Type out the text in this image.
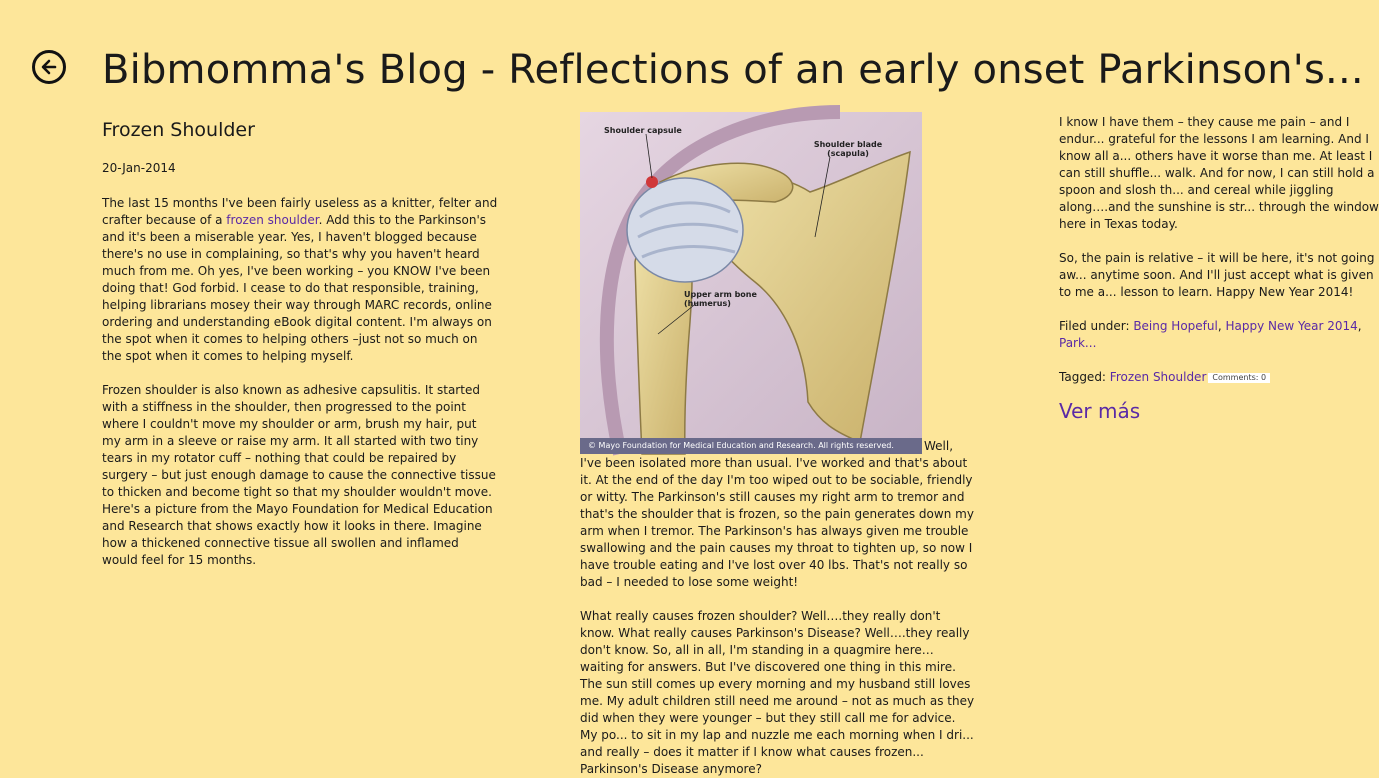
Bibmomma's Blog - Reflections of an early onset Parkinson's...
Frozen Shoulder
20-Jan-2014

The last 15 months I've been fairly useless as a knitter, felter and crafter because of a frozen shoulder. Add this to the Parkinson's and it's been a miserable year. Yes, I haven't blogged because there's no use in complaining, so that's why you haven't heard much from me. Oh yes, I've been working – you KNOW I've been doing that! God forbid. I cease to do that responsible, training, helping librarians mosey their way through MARC records, online ordering and understanding eBook digital content. I'm always on the spot when it comes to helping others –just not so much on the spot when it comes to helping myself.

Frozen shoulder is also known as adhesive capsulitis. It started with a stiffness in the shoulder, then progressed to the point where I couldn't move my shoulder or arm, brush my hair, put my arm in a sleeve or raise my arm. It all started with two tiny tears in my rotator cuff – nothing that could be repaired by surgery – but just enough damage to cause the connective tissue to thicken and become tight so that my shoulder wouldn't move. Here's a picture from the Mayo Foundation for Medical Education and Research that shows exactly how it looks in there. Imagine how a thickened connective tissue all swollen and inflamed would feel for 15 months.

Shoulder capsule
Shoulder blade (scapula)
Upper arm bone (humerus)
© Mayo Foundation for Medical Education and Research. All rights reserved.	Well, I've been isolated more than usual. I've worked and that's about it. At the end of the day I'm too wiped out to be sociable, friendly or witty. The Parkinson's still causes my right arm to tremor and that's the shoulder that is frozen, so the pain generates down my arm when I tremor. The Parkinson's has always given me trouble swallowing and the pain causes my throat to tighten up, so now I have trouble eating and I've lost over 40 lbs. That's not really so bad – I needed to lose some weight!

What really causes frozen shoulder? Well….they really don't know. What really causes Parkinson's Disease? Well….they really don't know. So, all in all, I'm standing in a quagmire here…waiting for answers. But I've discovered one thing in this mire. The sun still comes up every morning and my husband still loves me. My adult children still need me around – not as much as they did when they were younger – but they still call me for advice. My po... to sit in my lap and nuzzle me each morning when I dri... and really – does it matter if I know what causes frozen... Parkinson's Disease anymore?

I know I have them – they cause me pain – and I endur... grateful for the lessons I am learning. And I know all a... others have it worse than me. At least I can still shuffle... walk. And for now, I can still hold a spoon and slosh th... and cereal while jiggling along….and the sunshine is str... through the window here in Texas today.

So, the pain is relative – it will be here, it's not going aw... anytime soon. And I'll just accept what is given to me a... lesson to learn. Happy New Year 2014!

Filed under: Being Hopeful, Happy New Year 2014, Park...

Tagged: Frozen Shoulder Comments: 0

Ver más
